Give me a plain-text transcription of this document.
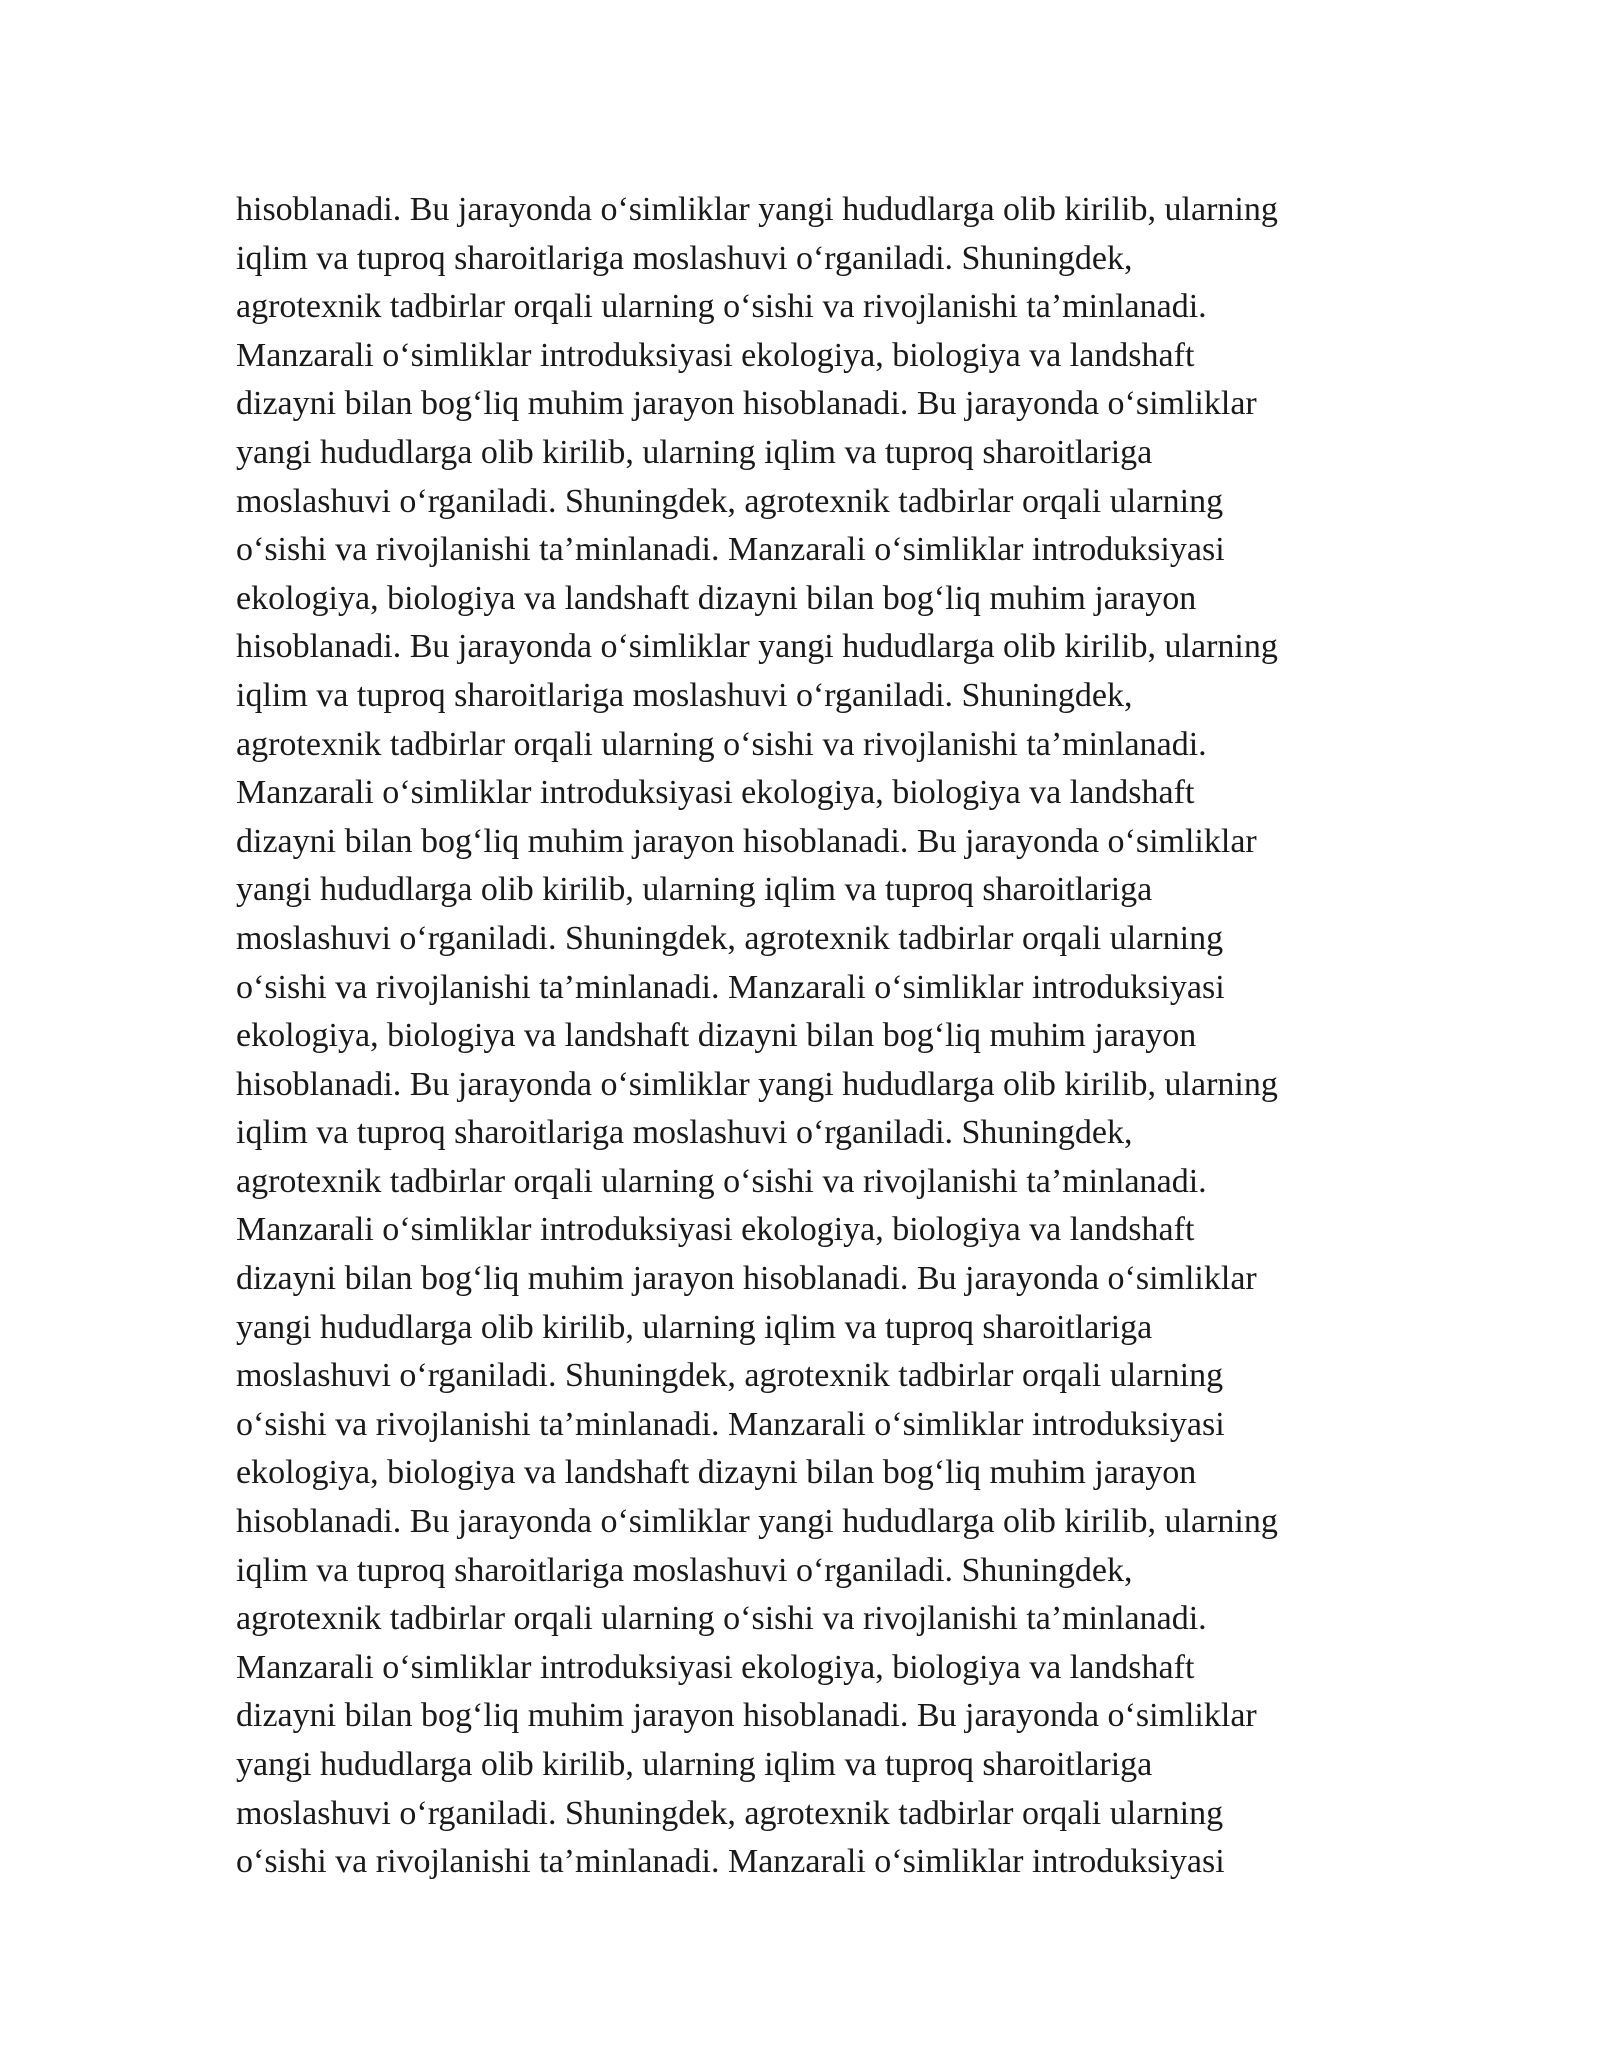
hisoblanadi. Bu jarayonda o‘simliklar yangi hududlarga olib kirilib, ularning
iqlim va tuproq sharoitlariga moslashuvi o‘rganiladi. Shuningdek,
agrotexnik tadbirlar orqali ularning o‘sishi va rivojlanishi ta’minlanadi.
Manzarali o‘simliklar introduksiyasi ekologiya, biologiya va landshaft
dizayni bilan bog‘liq muhim jarayon hisoblanadi. Bu jarayonda o‘simliklar
yangi hududlarga olib kirilib, ularning iqlim va tuproq sharoitlariga
moslashuvi o‘rganiladi. Shuningdek, agrotexnik tadbirlar orqali ularning
o‘sishi va rivojlanishi ta’minlanadi. Manzarali o‘simliklar introduksiyasi
ekologiya, biologiya va landshaft dizayni bilan bog‘liq muhim jarayon
hisoblanadi. Bu jarayonda o‘simliklar yangi hududlarga olib kirilib, ularning
iqlim va tuproq sharoitlariga moslashuvi o‘rganiladi. Shuningdek,
agrotexnik tadbirlar orqali ularning o‘sishi va rivojlanishi ta’minlanadi.
Manzarali o‘simliklar introduksiyasi ekologiya, biologiya va landshaft
dizayni bilan bog‘liq muhim jarayon hisoblanadi. Bu jarayonda o‘simliklar
yangi hududlarga olib kirilib, ularning iqlim va tuproq sharoitlariga
moslashuvi o‘rganiladi. Shuningdek, agrotexnik tadbirlar orqali ularning
o‘sishi va rivojlanishi ta’minlanadi. Manzarali o‘simliklar introduksiyasi
ekologiya, biologiya va landshaft dizayni bilan bog‘liq muhim jarayon
hisoblanadi. Bu jarayonda o‘simliklar yangi hududlarga olib kirilib, ularning
iqlim va tuproq sharoitlariga moslashuvi o‘rganiladi. Shuningdek,
agrotexnik tadbirlar orqali ularning o‘sishi va rivojlanishi ta’minlanadi.
Manzarali o‘simliklar introduksiyasi ekologiya, biologiya va landshaft
dizayni bilan bog‘liq muhim jarayon hisoblanadi. Bu jarayonda o‘simliklar
yangi hududlarga olib kirilib, ularning iqlim va tuproq sharoitlariga
moslashuvi o‘rganiladi. Shuningdek, agrotexnik tadbirlar orqali ularning
o‘sishi va rivojlanishi ta’minlanadi. Manzarali o‘simliklar introduksiyasi
ekologiya, biologiya va landshaft dizayni bilan bog‘liq muhim jarayon
hisoblanadi. Bu jarayonda o‘simliklar yangi hududlarga olib kirilib, ularning
iqlim va tuproq sharoitlariga moslashuvi o‘rganiladi. Shuningdek,
agrotexnik tadbirlar orqali ularning o‘sishi va rivojlanishi ta’minlanadi.
Manzarali o‘simliklar introduksiyasi ekologiya, biologiya va landshaft
dizayni bilan bog‘liq muhim jarayon hisoblanadi. Bu jarayonda o‘simliklar
yangi hududlarga olib kirilib, ularning iqlim va tuproq sharoitlariga
moslashuvi o‘rganiladi. Shuningdek, agrotexnik tadbirlar orqali ularning
o‘sishi va rivojlanishi ta’minlanadi. Manzarali o‘simliklar introduksiyasi
